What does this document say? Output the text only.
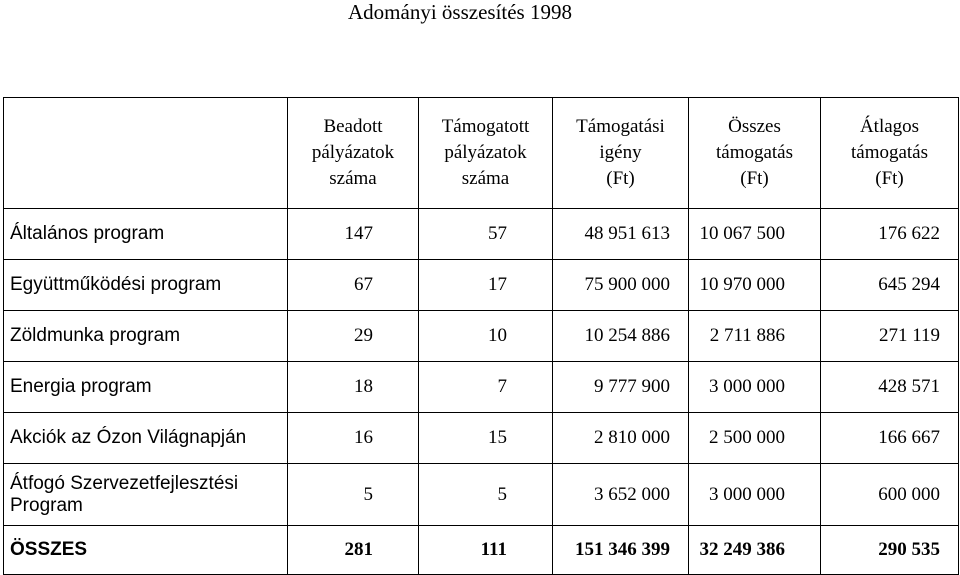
Adományi összesítés 1998
	Beadott
pályázatok
száma	Támogatott
pályázatok
száma	Támogatási
igény
(Ft)	Összes
támogatás
(Ft)	Átlagos
támogatás
(Ft)
Általános program	147	57	48 951 613	10 067 500	176 622
Együttműködési program	67	17	75 900 000	10 970 000	645 294
Zöldmunka program	29	10	10 254 886	2 711 886	271 119
Energia program	18	7	9 777 900	3 000 000	428 571
Akciók az Ózon Világnapján	16	15	2 810 000	2 500 000	166 667
Átfogó Szervezetfejlesztési
Program	5	5	3 652 000	3 000 000	600 000
ÖSSZES	281	111	151 346 399	32 249 386	290 535
